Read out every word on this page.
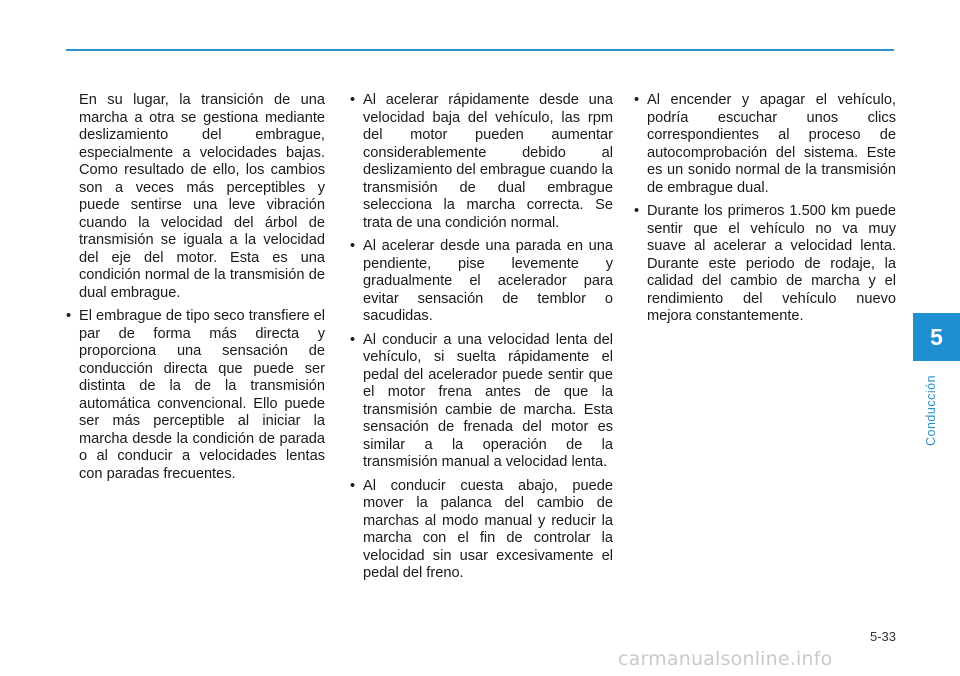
En su lugar, la transición de una marcha a otra se gestiona mediante deslizamiento del embrague, especialmente a velocidades bajas. Como resultado de ello, los cambios son a veces más perceptibles y puede sentirse una leve vibración cuando la velocidad del árbol de transmisión se iguala a la velocidad del eje del motor. Esta es una condición normal de la transmisión de dual embrague.

• El embrague de tipo seco transfiere el par de forma más directa y proporciona una sensación de conducción directa que puede ser distinta de la de la transmisión automática convencional. Ello puede ser más perceptible al iniciar la marcha desde la condición de parada o al conducir a velocidades lentas con paradas frecuentes.
• Al acelerar rápidamente desde una velocidad baja del vehículo, las rpm del motor pueden aumentar considerablemente debido al deslizamiento del embrague cuando la transmisión de dual embrague selecciona la marcha correcta. Se trata de una condición normal.
• Al acelerar desde una parada en una pendiente, pise levemente y gradualmente el acelerador para evitar sensación de temblor o sacudidas.
• Al conducir a una velocidad lenta del vehículo, si suelta rápidamente el pedal del acelerador puede sentir que el motor frena antes de que la transmisión cambie de marcha. Esta sensación de frenada del motor es similar a la operación de la transmisión manual a velocidad lenta.
• Al conducir cuesta abajo, puede mover la palanca del cambio de marchas al modo manual y reducir la marcha con el fin de controlar la velocidad sin usar excesivamente el pedal del freno.
• Al encender y apagar el vehículo, podría escuchar unos clics correspondientes al proceso de autocomprobación del sistema. Este es un sonido normal de la transmisión de embrague dual.
• Durante los primeros 1.500 km puede sentir que el vehículo no va muy suave al acelerar a velocidad lenta. Durante este periodo de rodaje, la calidad del cambio de marcha y el rendimiento del vehículo nuevo mejora constantemente.
5
Conducción
5-33
carmanualsonline.info
